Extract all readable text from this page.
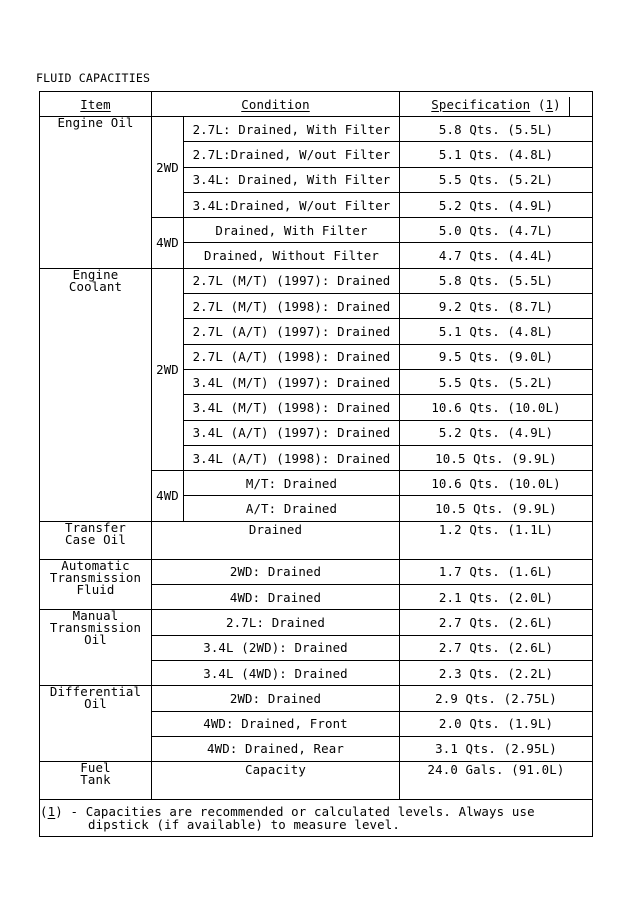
FLUID CAPACITIES
Item	Condition		Specification (1)

Engine Oil	2WD	2.7L: Drained, With Filter	5.8 Qts. (5.5L)
		2.7L:Drained, W/out Filter	5.1 Qts. (4.8L)
		3.4L: Drained, With Filter	5.5 Qts. (5.2L)
		3.4L:Drained, W/out Filter	5.2 Qts. (4.9L)
	4WD	Drained, With Filter	5.0 Qts. (4.7L)
		Drained, Without Filter	4.7 Qts. (4.4L)
Engine
Coolant	2WD	2.7L (M/T) (1997): Drained	5.8 Qts. (5.5L)
		2.7L (M/T) (1998): Drained	9.2 Qts. (8.7L)
		2.7L (A/T) (1997): Drained	5.1 Qts. (4.8L)
		2.7L (A/T) (1998): Drained	9.5 Qts. (9.0L)
		3.4L (M/T) (1997): Drained	5.5 Qts. (5.2L)
		3.4L (M/T) (1998): Drained	10.6 Qts. (10.0L)
		3.4L (A/T) (1997): Drained	5.2 Qts. (4.9L)
		3.4L (A/T) (1998): Drained	10.5 Qts. (9.9L)
	4WD	M/T: Drained	10.6 Qts. (10.0L)
		A/T: Drained	10.5 Qts. (9.9L)
Transfer
Case Oil	Drained		1.2 Qts. (1.1L)
Automatic
Transmission
Fluid	2WD: Drained		1.7 Qts. (1.6L)
	4WD: Drained		2.1 Qts. (2.0L)
Manual
Transmission
Oil	2.7L: Drained		2.7 Qts. (2.6L)
	3.4L (2WD): Drained		2.7 Qts. (2.6L)
	3.4L (4WD): Drained		2.3 Qts. (2.2L)
Differential
Oil	2WD: Drained		2.9 Qts. (2.75L)
	4WD: Drained, Front		2.0 Qts. (1.9L)
	4WD: Drained, Rear		3.1 Qts. (2.95L)
Fuel
Tank	Capacity		24.0 Gals. (91.0L)

(1) - Capacities are recommended or calculated levels. Always use
dipstick (if available) to measure level.			
